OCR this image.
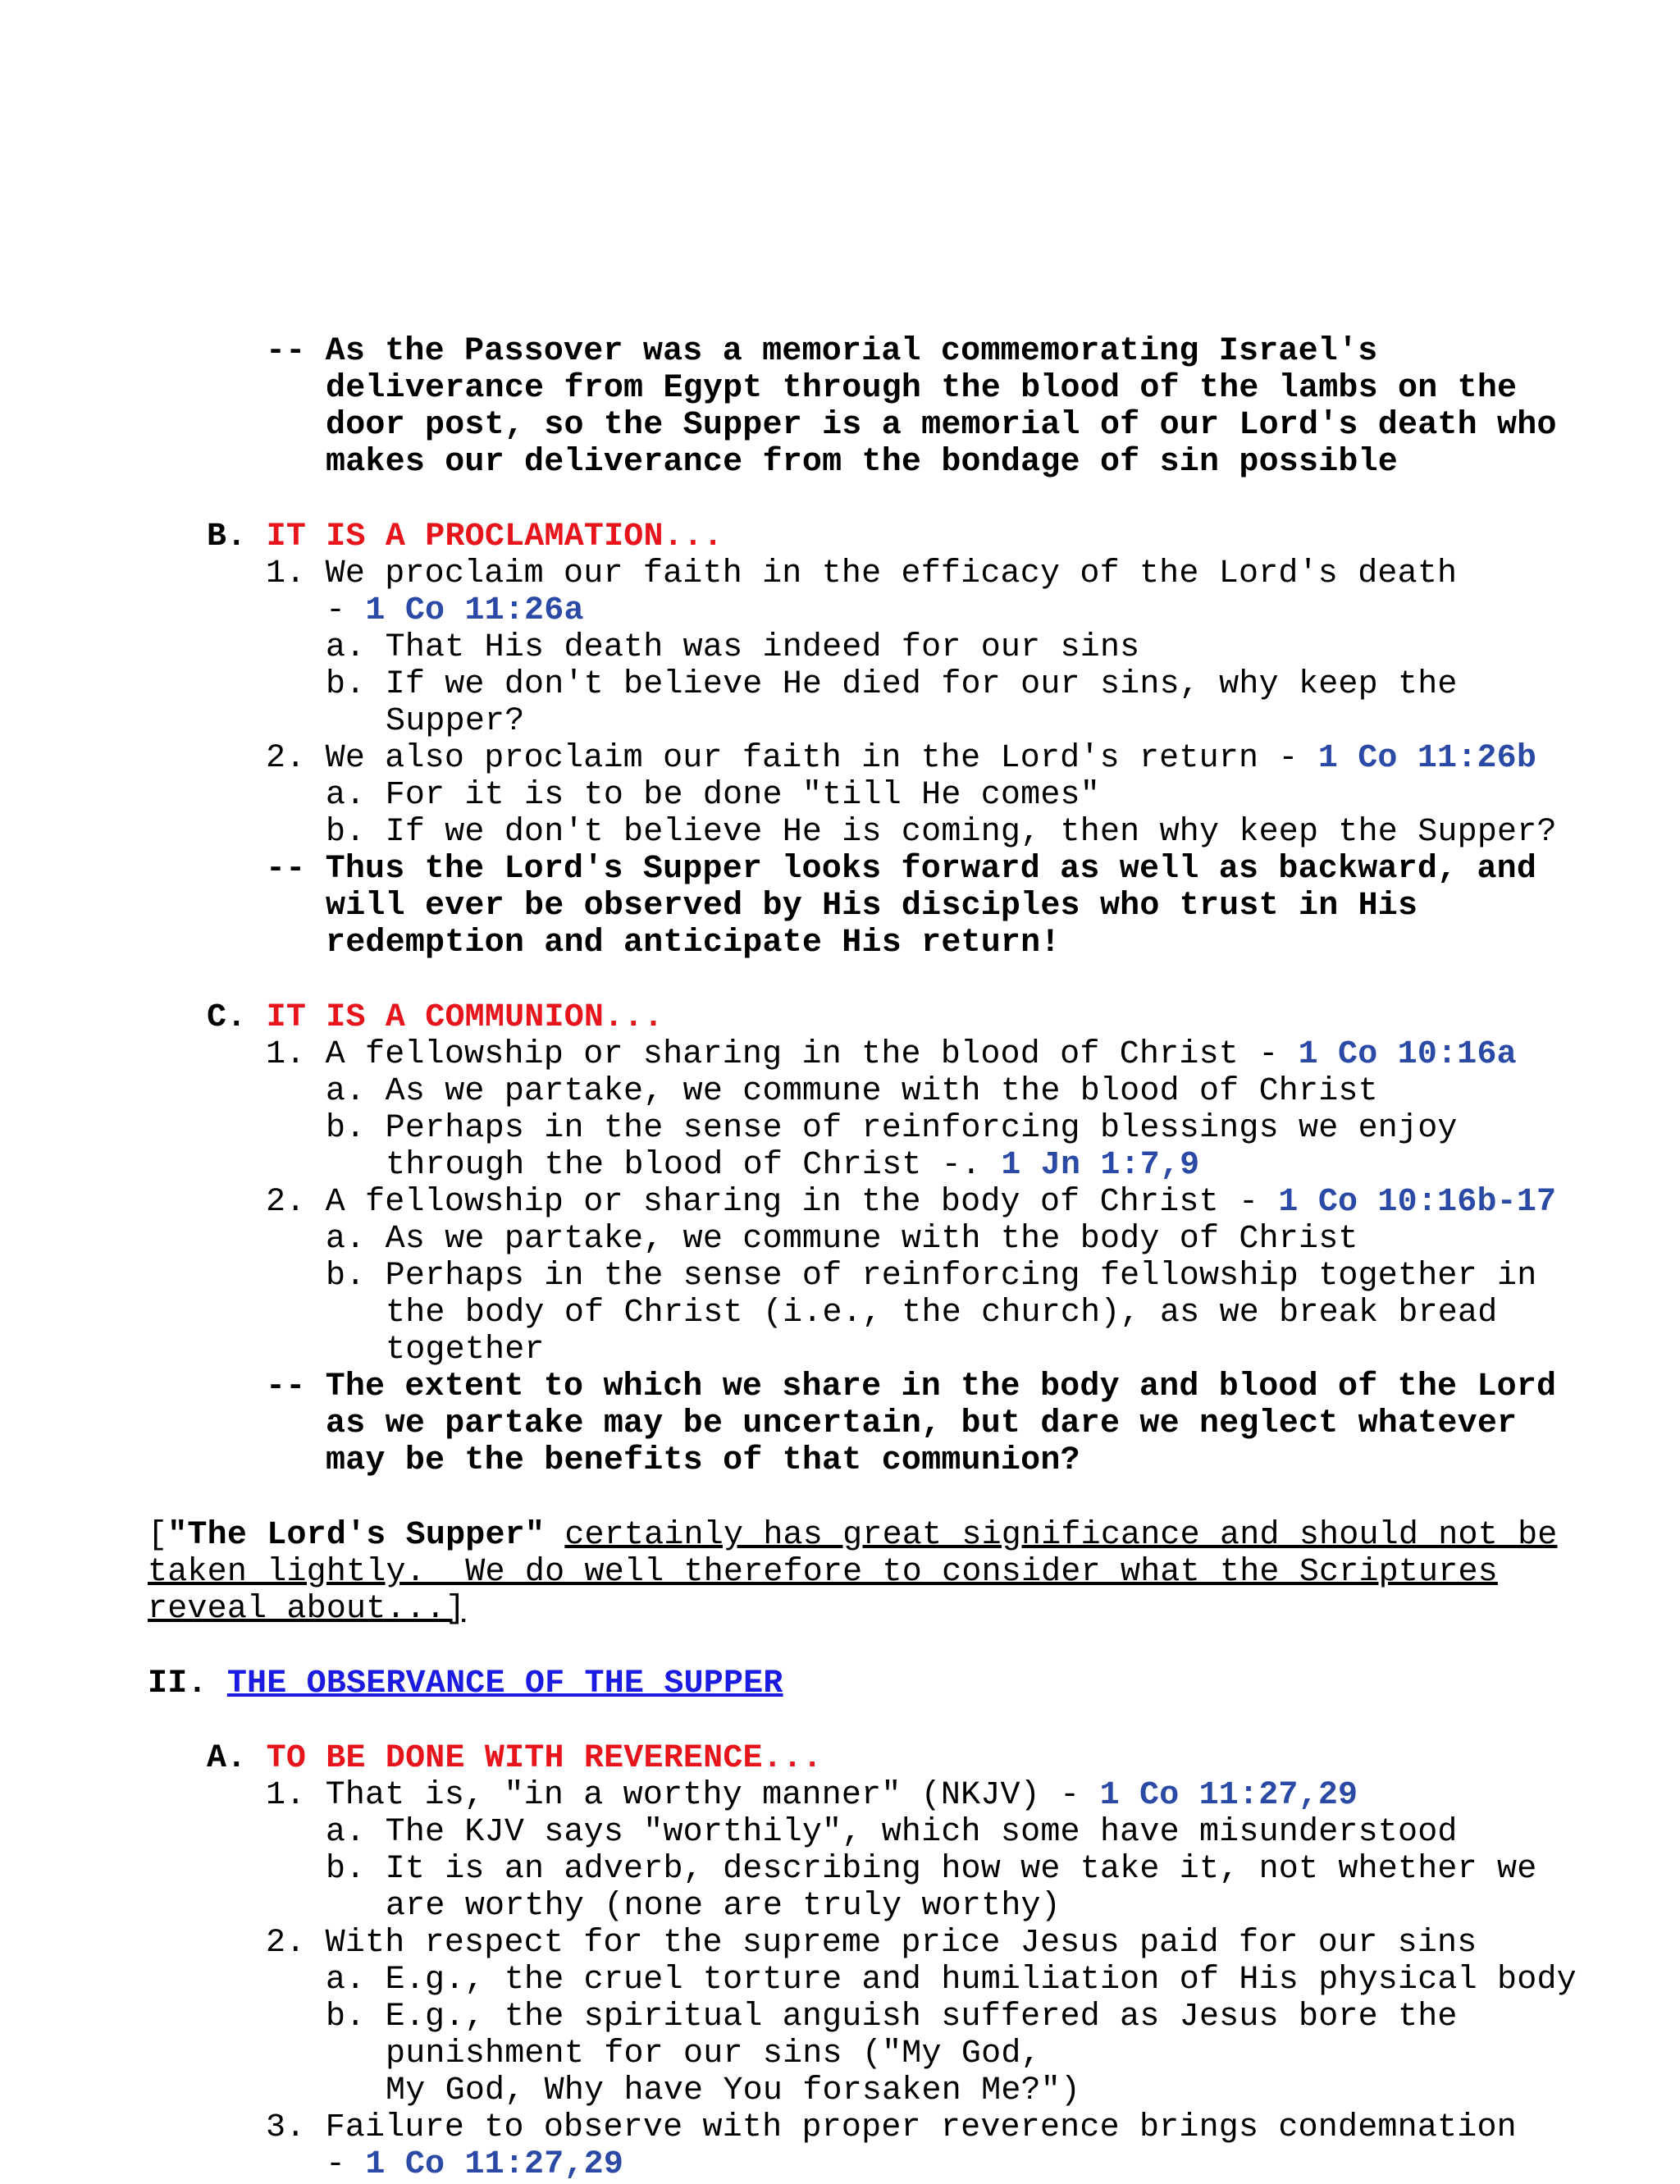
-- As the Passover was a memorial commemorating Israel's
deliverance from Egypt through the blood of the lambs on the
door post, so the Supper is a memorial of our Lord's death who
makes our deliverance from the bondage of sin possible
B. IT IS A PROCLAMATION...
1. We proclaim our faith in the efficacy of the Lord's death
- 1 Co 11:26a
a. That His death was indeed for our sins
b. If we don't believe He died for our sins, why keep the
Supper?
2. We also proclaim our faith in the Lord's return - 1 Co 11:26b
a. For it is to be done "till He comes"
b. If we don't believe He is coming, then why keep the Supper?
-- Thus the Lord's Supper looks forward as well as backward, and
will ever be observed by His disciples who trust in His
redemption and anticipate His return!
C. IT IS A COMMUNION...
1. A fellowship or sharing in the blood of Christ - 1 Co 10:16a
a. As we partake, we commune with the blood of Christ
b. Perhaps in the sense of reinforcing blessings we enjoy
through the blood of Christ -. 1 Jn 1:7,9
2. A fellowship or sharing in the body of Christ - 1 Co 10:16b-17
a. As we partake, we commune with the body of Christ
b. Perhaps in the sense of reinforcing fellowship together in
the body of Christ (i.e., the church), as we break bread
together
-- The extent to which we share in the body and blood of the Lord
as we partake may be uncertain, but dare we neglect whatever
may be the benefits of that communion?
["The Lord's Supper" certainly has great significance and should not be
taken lightly.  We do well therefore to consider what the Scriptures
reveal about...]
II. THE OBSERVANCE OF THE SUPPER
A. TO BE DONE WITH REVERENCE...
1. That is, "in a worthy manner" (NKJV) - 1 Co 11:27,29
a. The KJV says "worthily", which some have misunderstood
b. It is an adverb, describing how we take it, not whether we
are worthy (none are truly worthy)
2. With respect for the supreme price Jesus paid for our sins
a. E.g., the cruel torture and humiliation of His physical body
b. E.g., the spiritual anguish suffered as Jesus bore the
punishment for our sins ("My God,
My God, Why have You forsaken Me?")
3. Failure to observe with proper reverence brings condemnation
- 1 Co 11:27,29
